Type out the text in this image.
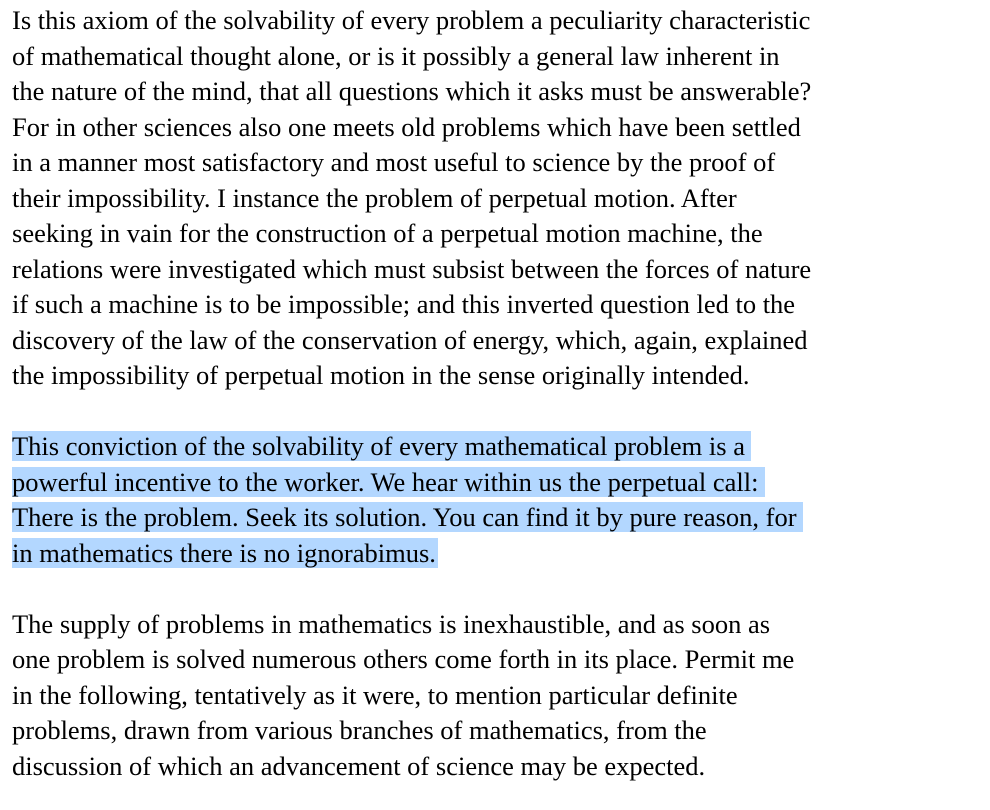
Is this axiom of the solvability of every problem a peculiarity characteristic
of mathematical thought alone, or is it possibly a general law inherent in
the nature of the mind, that all questions which it asks must be answerable?
For in other sciences also one meets old problems which have been settled
in a manner most satisfactory and most useful to science by the proof of
their impossibility. I instance the problem of perpetual motion. After
seeking in vain for the construction of a perpetual motion machine, the
relations were investigated which must subsist between the forces of nature
if such a machine is to be impossible; and this inverted question led to the
discovery of the law of the conservation of energy, which, again, explained
the impossibility of perpetual motion in the sense originally intended.
This conviction of the solvability of every mathematical problem is a
powerful incentive to the worker. We hear within us the perpetual call:
There is the problem. Seek its solution. You can find it by pure reason, for
in mathematics there is no ignorabimus.
The supply of problems in mathematics is inexhaustible, and as soon as
one problem is solved numerous others come forth in its place. Permit me
in the following, tentatively as it were, to mention particular definite
problems, drawn from various branches of mathematics, from the
discussion of which an advancement of science may be expected.
